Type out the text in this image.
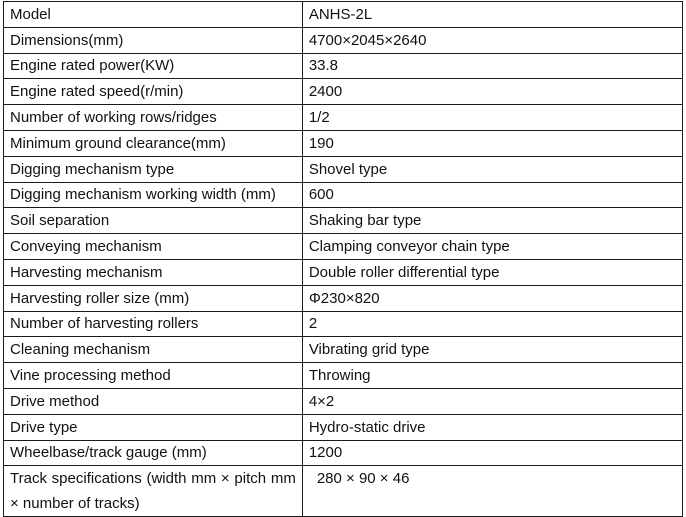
Model	ANHS-2L
Dimensions(mm)	4700×2045×2640
Engine rated power(KW)	33.8
Engine rated speed(r/min)	2400
Number of working rows/ridges	1/2
Minimum ground clearance(mm)	190
Digging mechanism type	Shovel type
Digging mechanism working width (mm)	600
Soil separation	Shaking bar type
Conveying mechanism	Clamping conveyor chain type
Harvesting mechanism	Double roller differential type
Harvesting roller size (mm)	Φ230×820
Number of harvesting rollers	2
Cleaning mechanism	Vibrating grid type
Vine processing method	Throwing
Drive method	4×2
Drive type	Hydro-static drive
Wheelbase/track gauge (mm)	1200
Track specifications (width mm × pitch mm × number of tracks)	280 × 90 × 46
